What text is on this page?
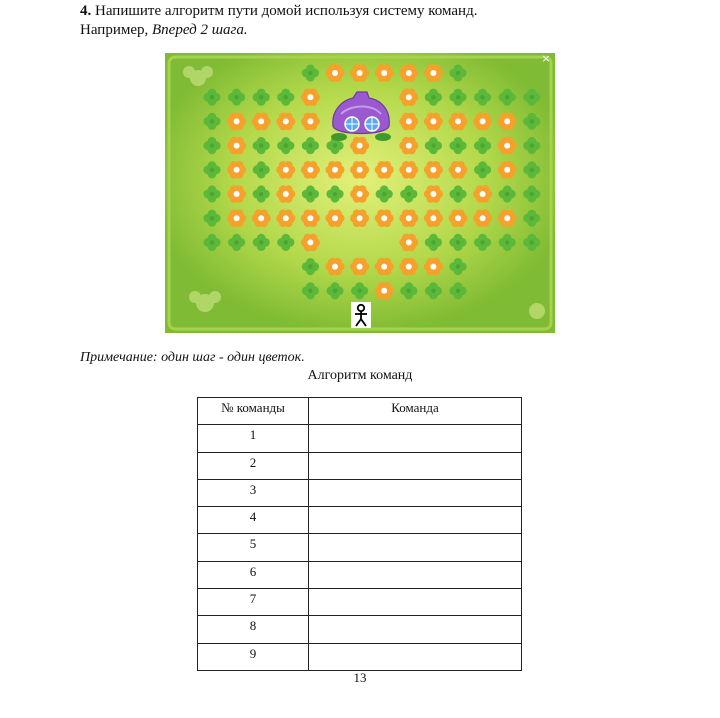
4. Напишите алгоритм пути домой используя систему команд.
Например, Вперед 2 шага.
×
Примечание: один шаг - один цветок.
Алгоритм команд
№ команды	Команда
1	
2	
3	
4	
5	
6	
7	
8	
9	
13
